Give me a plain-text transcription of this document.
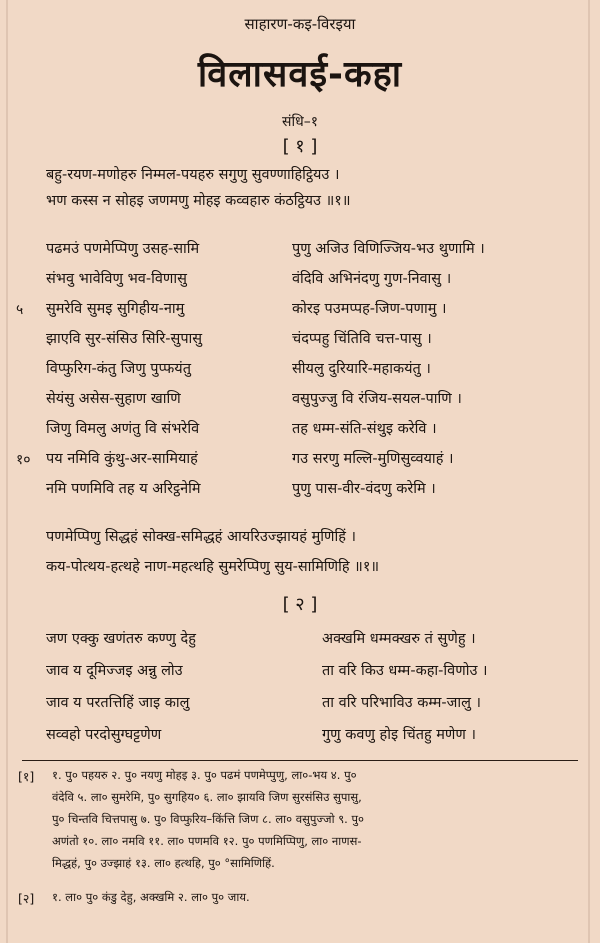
साहारण-कइ-विरइया
विलासवई-कहा
संधि–१
[ १ ]
बहु-रयण-मणोहरु निम्मल-पयहरु सगुणु सुवण्णाहिट्ठियउ ।
भण कस्स न सोहइ जणमणु मोहइ कव्वहारु कंठट्ठियउ ॥१॥
पढमउं पणमेप्पिणु उसह-सामि	पुणु अजिउ विणिज्जिय-भउ थुणामि ।
संभवु भावेविणु भव-विणासु	वंदिवि अभिनंदणु गुण-निवासु ।
५ सुमरेवि सुमइ सुगिहीय-नामु	कोरइ पउमप्पह-जिण-पणामु ।
झाएवि सुर-संसिउ सिरि-सुपासु	चंदप्पहु चिंतिवि चत्त-पासु ।
विप्फुरिग-कंतु जिणु पुप्फयंतु	सीयलु दुरियारि-महाकयंतु ।
सेयंसु असेस-सुहाण खाणि	वसुपुज्जु वि रंजिय-सयल-पाणि ।
जिणु विमलु अणंतु वि संभरेवि	तह धम्म-संति-संथुइ करेवि ।
१० पय नमिवि कुंथु-अर-सामियाहं	गउ सरणु मल्लि-मुणिसुव्वयाहं ।
नमि पणमिवि तह य अरिट्ठनेमि	पुणु पास-वीर-वंदणु करेमि ।
पणमेप्पिणु सिद्धहं सोक्ख-समिद्धहं आयरिउज्झायहं मुणिहिं ।
कय-पोत्थय-हत्थहे नाण-महत्थहि सुमरेप्पिणु सुय-सामिणिहि ॥१॥
[ २ ]
जण एक्कु खणंतरु कण्णु देहु	अक्खमि धम्मक्खरु तं सुणेहु ।
जाव य दूमिज्जइ अन्नु लोउ	ता वरि किउ धम्म-कहा-विणोउ ।
जाव य परतत्तिहिं जाइ कालु	ता वरि परिभाविउ कम्म-जालु ।
सव्वहो परदोसुग्घट्टणेण	गुणु कवणु होइ चिंतहु मणेण ।
[१] १. पु० पहयरु २. पु० नयणु मोहइ ३. पु० पढमं पणमेप्पुणु, ला०-भय ४. पु०
वंदेवि ५. ला० सुमरेमि, पु० सुगहिय० ६. ला० झायवि जिण सुरसंसिउ सुपासु,
पु० चिन्तवि चित्तपासु ७. पु० विप्फुरिय–किंत्ति जिण ८. ला० वसुपुज्जो ९. पु०
अणंतो १०. ला० नमवि ११. ला० पणमवि १२. पु० पणमिप्पिणु, ला० नाणस-
मिद्धहं, पु० उज्झाहं १३. ला० हत्थहि, पु० °सामिणिहिं.
[२] १. ला० पु० कंडु देहु, अक्खमि २. ला० पु० जाय.
